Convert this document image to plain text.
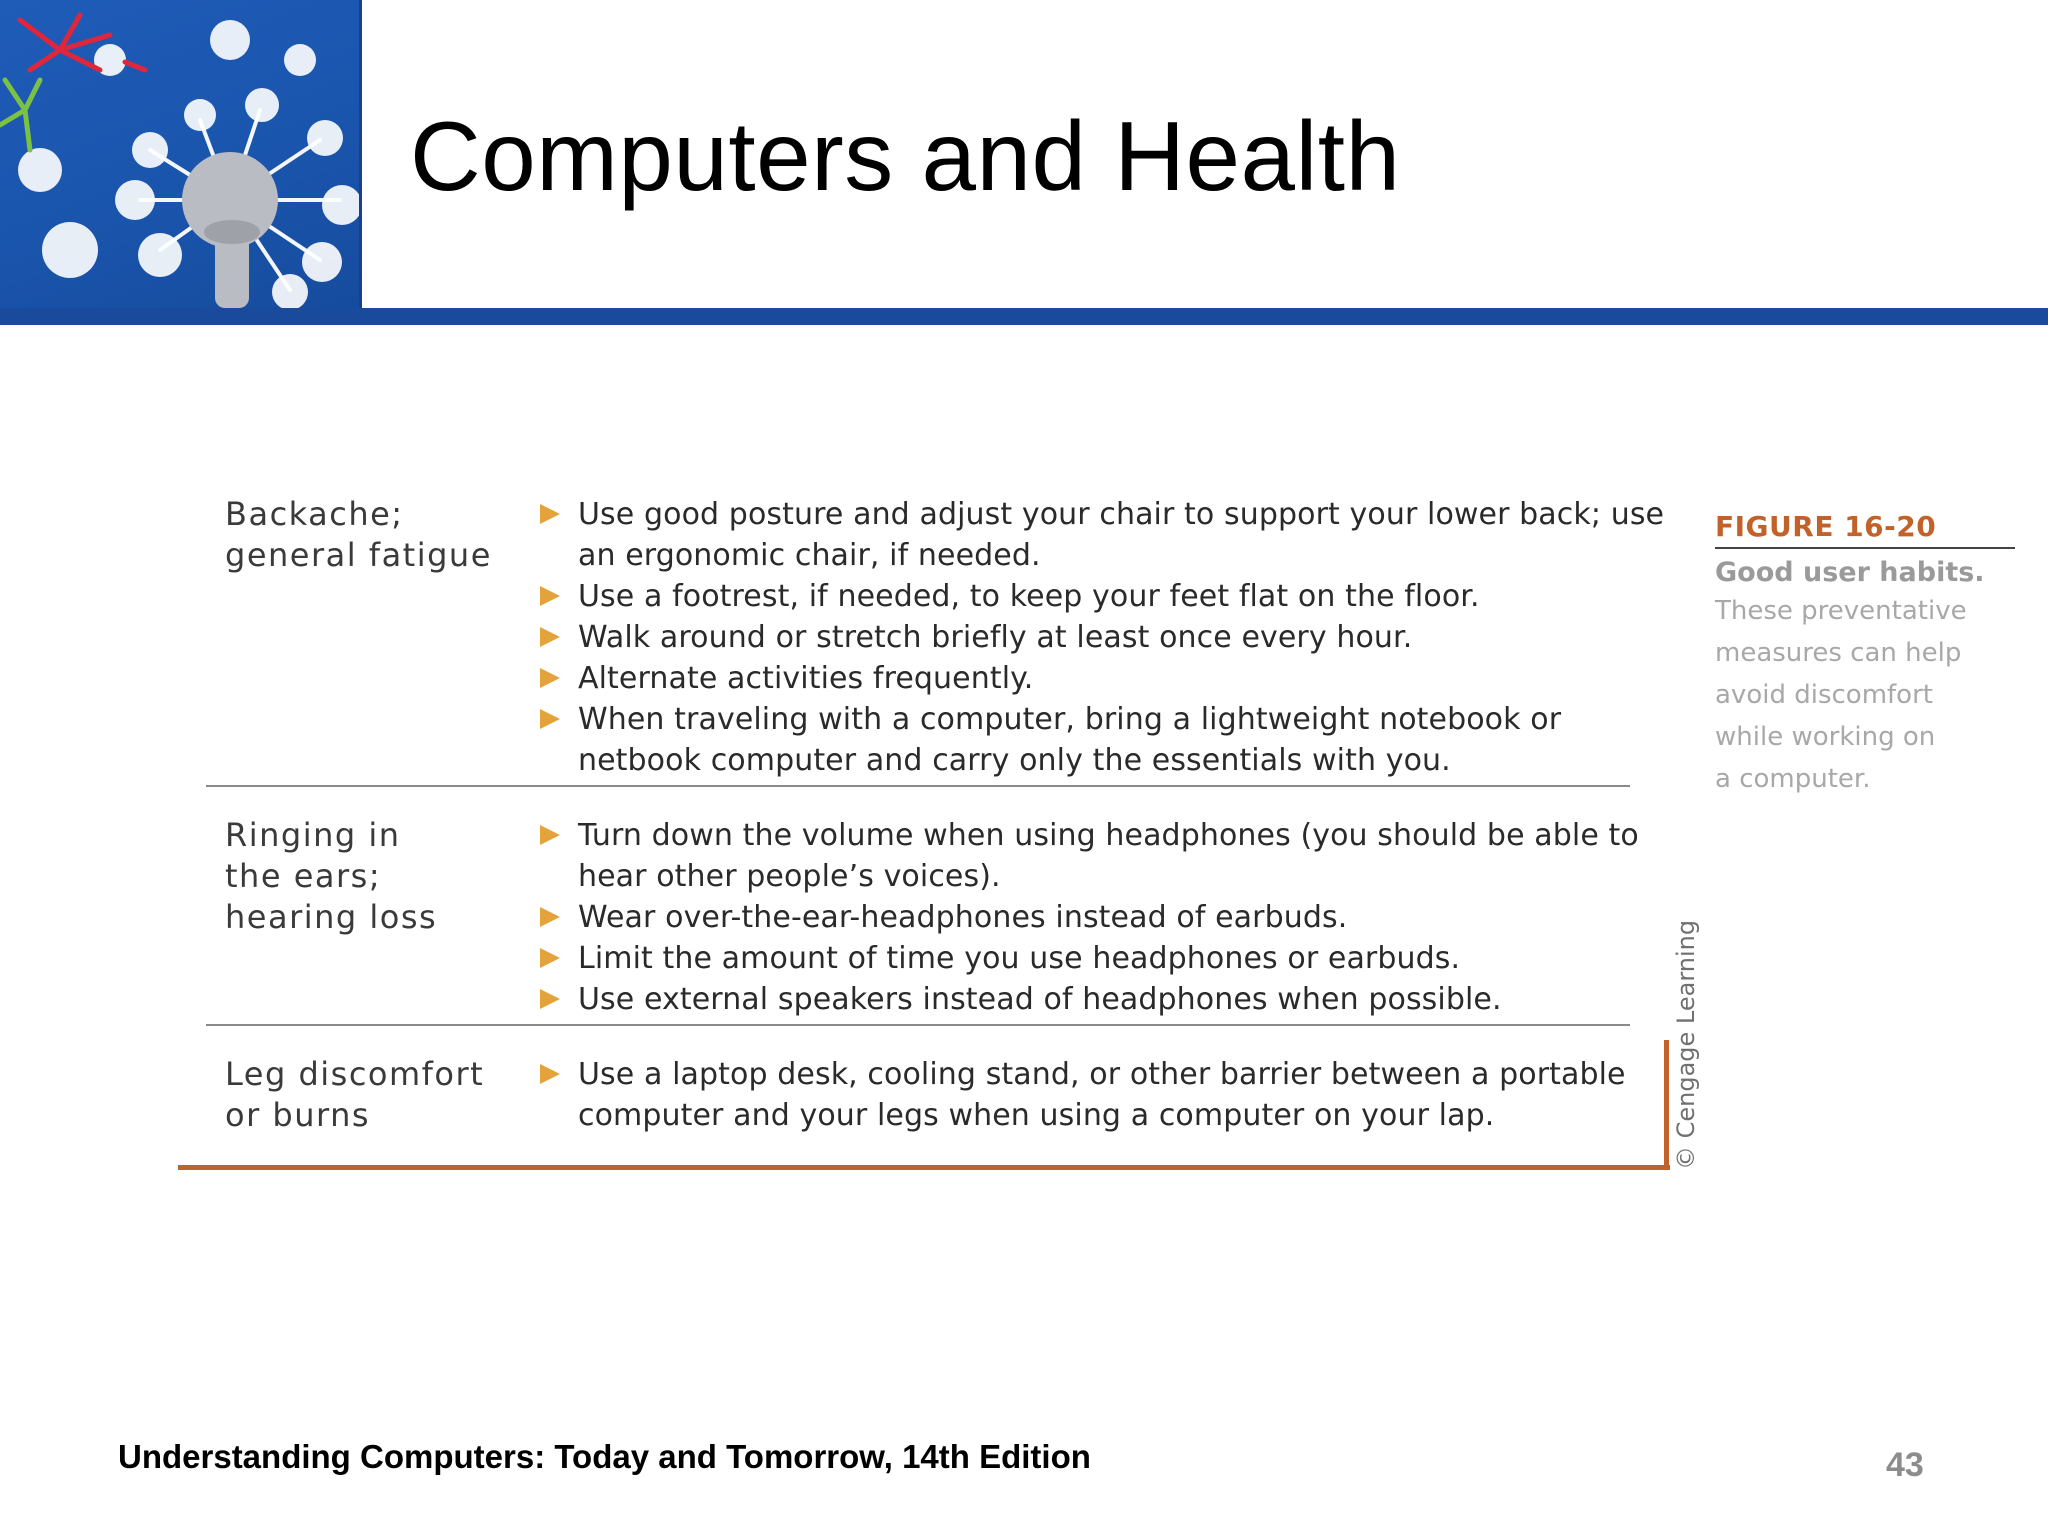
Computers and Health
Backache;
general fatigue
Use good posture and adjust your chair to support your lower back; use an ergonomic chair, if needed.
Use a footrest, if needed, to keep your feet flat on the floor.
Walk around or stretch briefly at least once every hour.
Alternate activities frequently.
When traveling with a computer, bring a lightweight notebook or netbook computer and carry only the essentials with you.
Ringing in
the ears;
hearing loss
Turn down the volume when using headphones (you should be able to hear other people’s voices).
Wear over-the-ear-headphones instead of earbuds.
Limit the amount of time you use headphones or earbuds.
Use external speakers instead of headphones when possible.
Leg discomfort
or burns
Use a laptop desk, cooling stand, or other barrier between a portable computer and your legs when using a computer on your lap.	© Cengage Learning
FIGURE 16-20
Good user habits.
These preventative
measures can help
avoid discomfort
while working on
a computer.
Understanding Computers: Today and Tomorrow, 14th Edition	43
